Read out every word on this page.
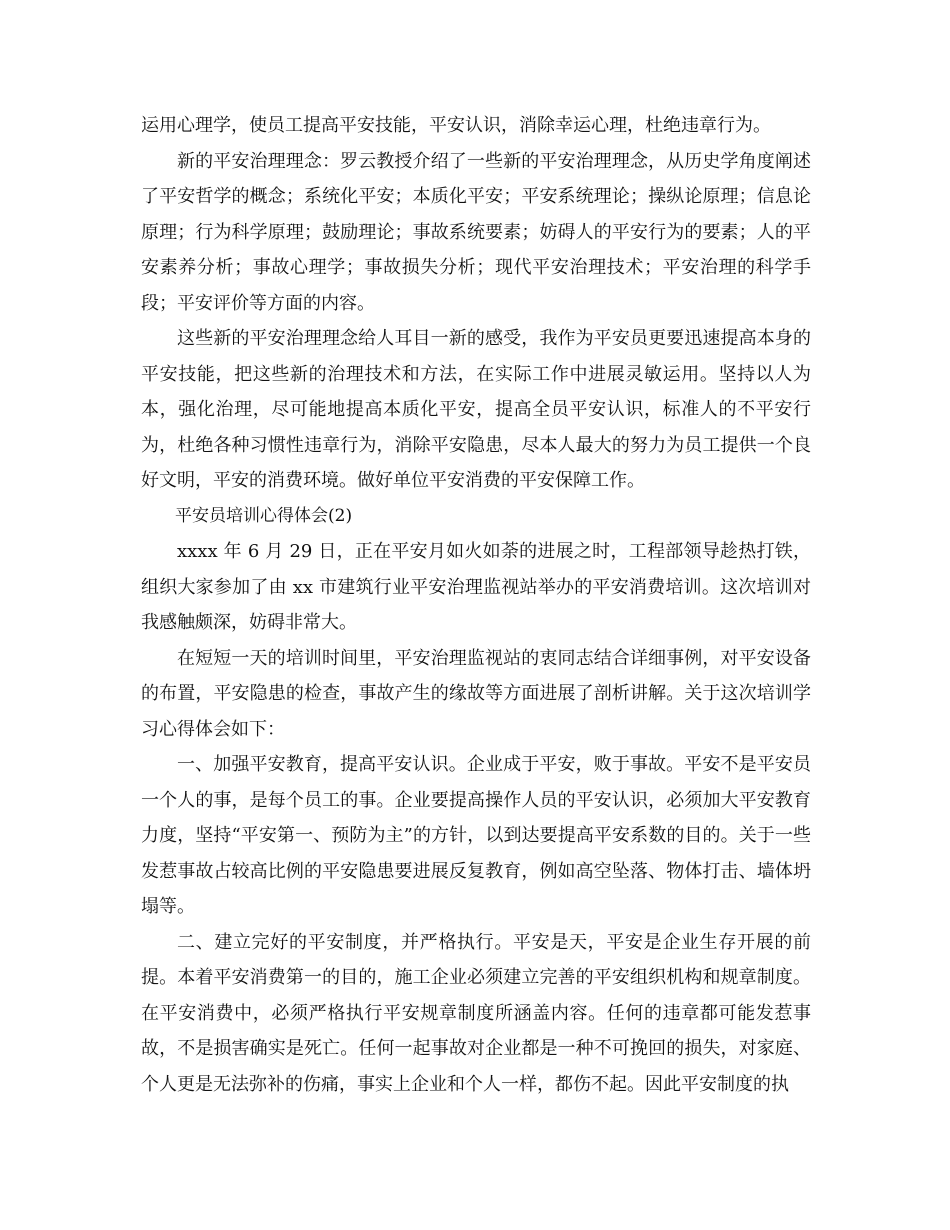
运用心理学，使员工提高平安技能，平安认识，消除幸运心理，杜绝违章行为。

新的平安治理理念：罗云教授介绍了一些新的平安治理理念，从历史学角度阐述了平安哲学的概念；系统化平安；本质化平安；平安系统理论；操纵论原理；信息论原理；行为科学原理；鼓励理论；事故系统要素；妨碍人的平安行为的要素；人的平安素养分析；事故心理学；事故损失分析；现代平安治理技术；平安治理的科学手段；平安评价等方面的内容。

这些新的平安治理理念给人耳目一新的感受，我作为平安员更要迅速提高本身的平安技能，把这些新的治理技术和方法，在实际工作中进展灵敏运用。坚持以人为本，强化治理，尽可能地提高本质化平安，提高全员平安认识，标准人的不平安行为，杜绝各种习惯性违章行为，消除平安隐患，尽本人最大的努力为员工提供一个良好文明，平安的消费环境。做好单位平安消费的平安保障工作。

平安员培训心得体会(2)

xxxx 年 6 月 29 日，正在平安月如火如荼的进展之时，工程部领导趁热打铁，组织大家参加了由 xx 市建筑行业平安治理监视站举办的平安消费培训。这次培训对我感触颇深，妨碍非常大。

在短短一天的培训时间里，平安治理监视站的衷同志结合详细事例，对平安设备的布置，平安隐患的检查，事故产生的缘故等方面进展了剖析讲解。关于这次培训学习心得体会如下：

一、加强平安教育，提高平安认识。企业成于平安，败于事故。平安不是平安员一个人的事，是每个员工的事。企业要提高操作人员的平安认识，必须加大平安教育力度，坚持“平安第一、预防为主”的方针，以到达要提高平安系数的目的。关于一些发惹事故占较高比例的平安隐患要进展反复教育，例如高空坠落、物体打击、墙体坍塌等。

二、建立完好的平安制度，并严格执行。平安是天，平安是企业生存开展的前提。本着平安消费第一的目的，施工企业必须建立完善的平安组织机构和规章制度。在平安消费中，必须严格执行平安规章制度所涵盖内容。任何的违章都可能发惹事故，不是损害确实是死亡。任何一起事故对企业都是一种不可挽回的损失，对家庭、个人更是无法弥补的伤痛，事实上企业和个人一样，都伤不起。因此平安制度的执
